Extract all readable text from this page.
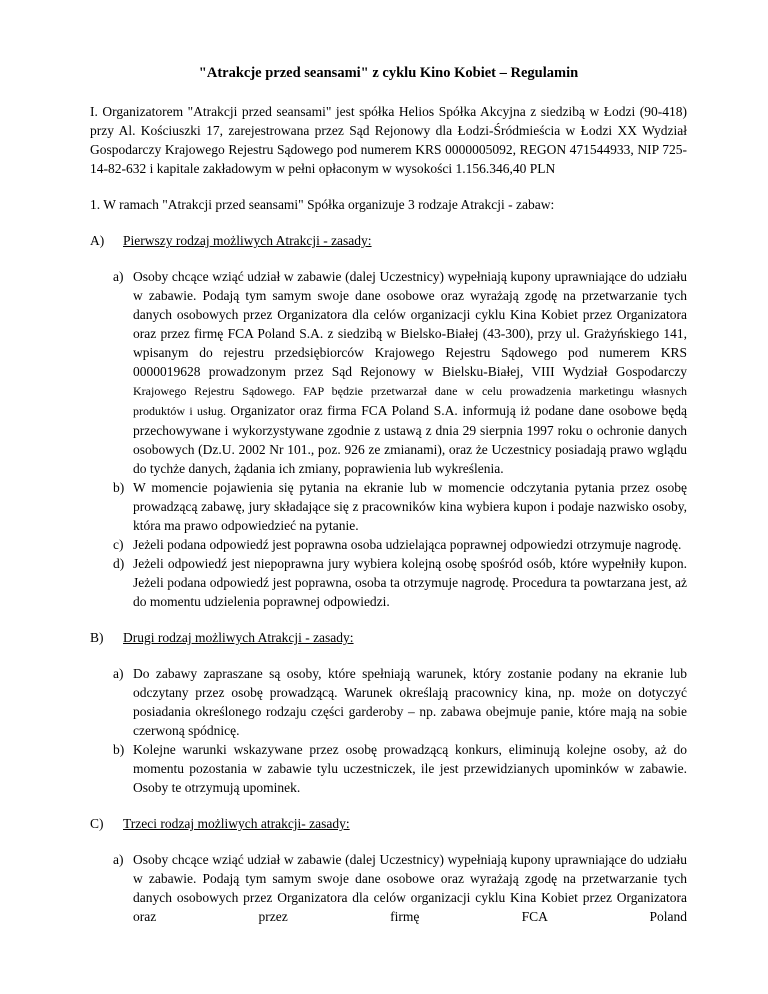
"Atrakcje przed seansami" z cyklu Kino Kobiet – Regulamin

I. Organizatorem "Atrakcji przed seansami" jest spółka Helios Spółka Akcyjna z siedzibą w Łodzi (90-418) przy Al. Kościuszki 17, zarejestrowana przez Sąd Rejonowy dla Łodzi-Śródmieścia w Łodzi XX Wydział Gospodarczy Krajowego Rejestru Sądowego pod numerem KRS 0000005092, REGON 471544933, NIP 725-14-82-632 i kapitale zakładowym w pełni opłaconym w wysokości 1.156.346,40 PLN

1. W ramach "Atrakcji przed seansami" Spółka organizuje 3 rodzaje Atrakcji - zabaw:

A)	Pierwszy rodzaj możliwych Atrakcji - zasady:
a) Osoby chcące wziąć udział w zabawie (dalej Uczestnicy) wypełniają kupony uprawniające do udziału w zabawie. Podają tym samym swoje dane osobowe oraz wyrażają zgodę na przetwarzanie tych danych osobowych przez Organizatora dla celów organizacji cyklu Kina Kobiet przez Organizatora oraz przez firmę FCA Poland S.A. z siedzibą w Bielsko-Białej (43-300), przy ul. Grażyńskiego 141, wpisanym do rejestru przedsiębiorców Krajowego Rejestru Sądowego pod numerem KRS 0000019628 prowadzonym przez Sąd Rejonowy w Bielsku-Białej, VIII Wydział Gospodarczy Krajowego Rejestru Sądowego. FAP będzie przetwarzał dane w celu prowadzenia marketingu własnych produktów i usług. Organizator oraz firma FCA Poland S.A. informują iż podane dane osobowe będą przechowywane i wykorzystywane zgodnie z ustawą z dnia 29 sierpnia 1997 roku o ochronie danych osobowych (Dz.U. 2002 Nr 101., poz. 926 ze zmianami), oraz że Uczestnicy posiadają prawo wglądu do tychże danych, żądania ich zmiany, poprawienia lub wykreślenia.
b) W momencie pojawienia się pytania na ekranie lub w momencie odczytania pytania przez osobę prowadzącą zabawę, jury składające się z pracowników kina wybiera kupon i podaje nazwisko osoby, która ma prawo odpowiedzieć na pytanie.
c) Jeżeli podana odpowiedź jest poprawna osoba udzielająca poprawnej odpowiedzi otrzymuje nagrodę.
d) Jeżeli odpowiedź jest niepoprawna jury wybiera kolejną osobę spośród osób, które wypełniły kupon. Jeżeli podana odpowiedź jest poprawna, osoba ta otrzymuje nagrodę. Procedura ta powtarzana jest, aż do momentu udzielenia poprawnej odpowiedzi.
B)	Drugi rodzaj możliwych Atrakcji - zasady:
a) Do zabawy zapraszane są osoby, które spełniają warunek, który zostanie podany na ekranie lub odczytany przez osobę prowadzącą. Warunek określają pracownicy kina, np. może on dotyczyć posiadania określonego rodzaju części garderoby – np. zabawa obejmuje panie, które mają na sobie czerwoną spódnicę.
b) Kolejne warunki wskazywane przez osobę prowadzącą konkurs, eliminują kolejne osoby, aż do momentu pozostania w zabawie tylu uczestniczek, ile jest przewidzianych upominków w zabawie. Osoby te otrzymują upominek.
C)	Trzeci rodzaj możliwych atrakcji- zasady:
a) Osoby chcące wziąć udział w zabawie (dalej Uczestnicy) wypełniają kupony uprawniające do udziału w zabawie. Podają tym samym swoje dane osobowe oraz wyrażają zgodę na przetwarzanie tych danych osobowych przez Organizatora dla celów organizacji cyklu Kina Kobiet przez Organizatora oraz przez firmę FCA Poland
